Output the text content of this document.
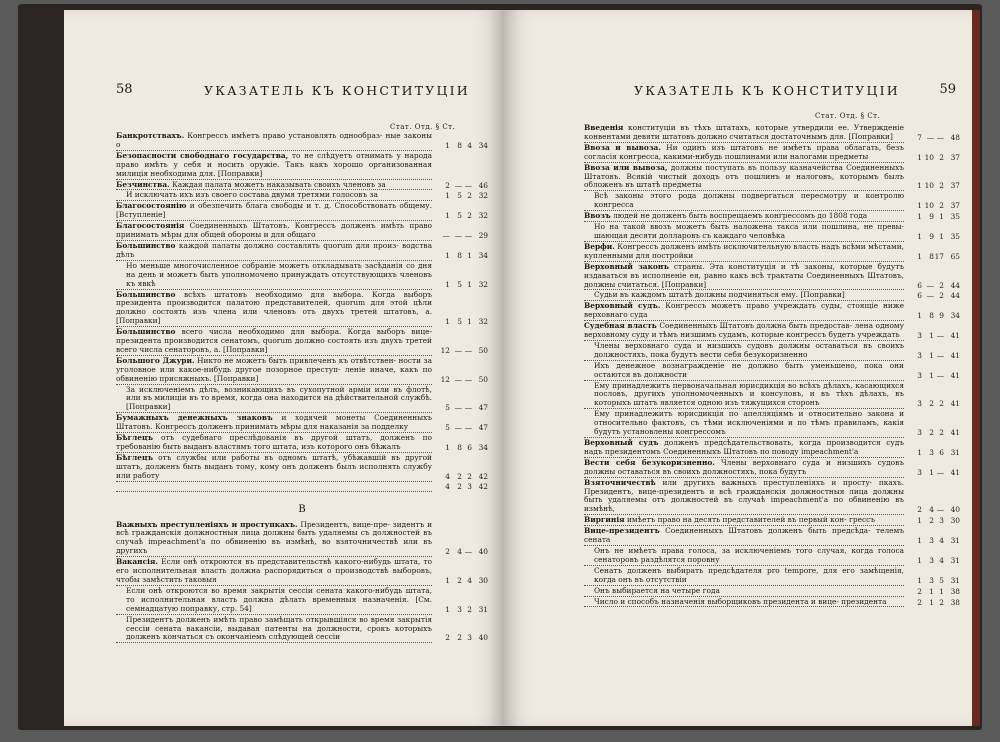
58	УКАЗАТЕЛЬ КЪ КОНСТИТУЦІИ
Стат. Отд. § Ст.
Банкротствахъ. Конгрессъ имѣетъ право установлять однообраз- ные законы о	1 8 4 34
Безопасности свободнаго государства, то не слѣдуетъ отнимать у народа право имѣть у себя и носить оружіе. Такъ какъ хорошо организованная милиція необходима для. [Поправки]
Безчинства. Каждая палата можетъ наказывать своихъ членовъ за	2 — — 46
И исключать ихъ изъ своего состава двумя третями голосовъ за	1 5 2 32
Благосостоянію и обезпечить блага свободы и т. д. Способствовать общему. [Вступленіе]	1 5 2 32
Благосостоянія Соединенныхъ Штатовъ. Конгрессъ долженъ имѣть право принимать мѣры для общей обороны и для общаго	— — — 29
Большинство каждой палаты должно составлять quorum для произ- водства дѣлъ	1 8 1 34
Но меньше многочисленное собраніе можетъ откладывать засѣданія со дня на день и можетъ быть уполномочено принуждать отсутствующихъ членовъ къ явкѣ	1 5 1 32
Большинство всѣхъ штатовъ необходимо для выбора. Когда выборъ президента производится палатою представителей, quorum для этой цѣли должно состоять изъ члена или членовъ отъ двухъ третей штатовъ, а. [Поправки]	1 5 1 32
Большинство всего числа необходимо для выбора. Когда выборъ вице-президента производится сенатомъ, quorum должно состоять изъ двухъ третей всего числа сенаторовъ, а. [Поправки]	12 — — 50
Большого Джури. Никто не можетъ быть привлеченъ къ отвѣтствен- ности за уголовное или какое-нибудь другое позорное преступ- леніе иначе, какъ по обвиненію присяжныхъ. [Поправки]	12 — — 50
За исключеніемъ дѣлъ, возникающихъ въ сухопутной арміи или въ флотѣ, или въ милиціи въ то время, когда она находится на дѣйствительной службѣ. [Поправки]	5 — — 47
Бумажныхъ денежныхъ знаковъ и ходячей монеты Соединенныхъ Штатовъ. Конгрессъ долженъ принимать мѣры для наказанія за подделку	5 — — 47
Бѣглецъ отъ судебнаго преслѣдованія въ другой штатъ, долженъ по требованію быть выданъ властямъ того штата, изъ которого онъ бѣжалъ	1 8 6 34
Бѣглецъ отъ службы или работы въ одномъ штатѣ, убѣжавшій въ другой штатъ, долженъ быть выданъ тому, кому онъ долженъ былъ исполнять службу или работу	4 2 2 42
4 2 3 42
В
Важныхъ преступленіяхъ и проступкахъ. Президентъ, вице-пре- зидентъ и всѣ гражданскія должностныя лица должны быть удаляемы съ должностей въ случаѣ impeachment'а по обвиненію въ измѣнѣ, во взяточничествѣ или въ другихъ	2 4 — 40
Вакансія. Если онѣ откроются въ представительствѣ какого-нибудь штата, то его исполнительная власть должна распорядиться о производствѣ выборовъ, чтобы замѣстить таковыя	1 2 4 30
Если онѣ откроются во время закрытія сессіи сената какого-нибудь штата, то исполнительная власть должна дѣлать временныя назначенія. [См. семнадцатую поправку, стр. 54]	1 3 2 31
Президентъ долженъ имѣть право замѣщать открывшіяся во время закрытія сессіи сената вакансіи, выдавая патенты на должности, срокъ которыхъ долженъ кончаться съ окончаніемъ слѣдующей сессіи	2 2 3 40
59
УКАЗАТЕЛЬ КЪ КОНСТИТУЦІИ
Стат. Отд. § Ст.
Введенія конституціи въ тѣхъ штатахъ, которые утвердили ее. Утвержденіе конвентами девяти штатовъ должно считаться достаточнымъ для. [Поправки]	7 — — 48
Ввоза и вывоза. Ни одинъ изъ штатовъ не имѣетъ права облагать, безъ согласія конгресса, какими-нибудь пошлинами или налогами предметы	1 10 2 37
Ввоза или вывоза, должны поступать въ пользу казначейства Соединенныхъ Штатовъ. Всякій чистый доходъ отъ пошлинъ и налоговъ, которымъ былъ обложенъ въ штатѣ предметы	1 10 2 37
Всѣ законы этого рода должны подвергаться пересмотру и контролю конгресса	1 10 2 37
Ввозъ людей не долженъ быть воспрещаемъ конгрессомъ до 1808 года	1 9 1 35
Но на такой ввозъ можетъ быть наложена такса или пошлина, не превы- шающая десяти долларовъ съ каждаго человѣка	1 9 1 35
Верфи. Конгрессъ долженъ имѣть исключительную власть надъ всѣми мѣстами, купленными для постройки	1 8 17 65
Верховный законъ страны. Эта конституція и тѣ законы, которые будутъ издаваться въ исполненіе ея, равно какъ всѣ трактаты Соединенныхъ Штатовъ, должны считаться. [Поправки]	6 — 2 44
Судьи въ каждомъ штатѣ должны подчиняться ему. [Поправки]	6 — 2 44
Верховный судъ. Конгрессъ можетъ право учреждать суды, стоящіе ниже верховнаго суда	1 8 9 34
Судебная власть Соединенныхъ Штатовъ должна быть предостав- лена одному верховному суду и тѣмъ низшимъ судамъ, которые конгрессъ будетъ учреждать	3 1 — 41
Члены верховнаго суда и низшихъ судовъ должны оставаться въ своихъ должностяхъ, пока будутъ вести себя безукоризненно	3 1 — 41
Ихъ денежное вознагражденіе не должно быть уменьшено, пока они остаются въ должности	3 1 — 41
Ему принадлежитъ первоначальная юрисдикція во всѣхъ дѣлахъ, касающихся пословъ, другихъ уполномоченныхъ и консуловъ, и въ тѣхъ дѣлахъ, въ которыхъ штатъ является одною изъ тяжущихся сторонъ	3 2 2 41
Ему принадлежитъ юрисдикція по апелляціямъ и относительно закона и относительно фактовъ, съ тѣми исключеніями и по тѣмъ правиламъ, какія будутъ установлены конгрессомъ	3 2 2 41
Верховный судъ долженъ предсѣдательствовать, когда производится судъ надъ президентомъ Соединенныхъ Штатовъ по поводу impeachment'а	1 3 6 31
Вести себя безукоризненно. Члены верховнаго суда и низшихъ судовъ должны оставаться въ своихъ должностяхъ, пока будутъ	3 1 — 41
Взяточничествѣ или другихъ важныхъ преступленіяхъ и просту- пкахъ. Президентъ, вице-президентъ и всѣ гражданскія должностныя лица должны быть удаляемы отъ должностей въ случаѣ impeachment'а по обвиненію въ измѣнѣ,	2 4 — 40
Виргинія имѣетъ право на десять представителей въ первый кон- грессъ	1 2 3 30
Вице-президентъ Соединенныхъ Штатовъ долженъ быть предсѣда- телемъ сената	1 3 4 31
Онъ не имѣетъ права голоса, за исключеніемъ того случая, когда голоса сенаторовъ раздѣлятся поровну	1 3 4 31
Сенатъ долженъ выбирать предсѣдателя pro tempore, для его замѣщенія, когда онъ въ отсутствіи	1 3 5 31
Онъ выбирается на четыре года	2 1 1 38
Число и способъ назначенія выборщиковъ президента и вице- президента	2 1 2 38
